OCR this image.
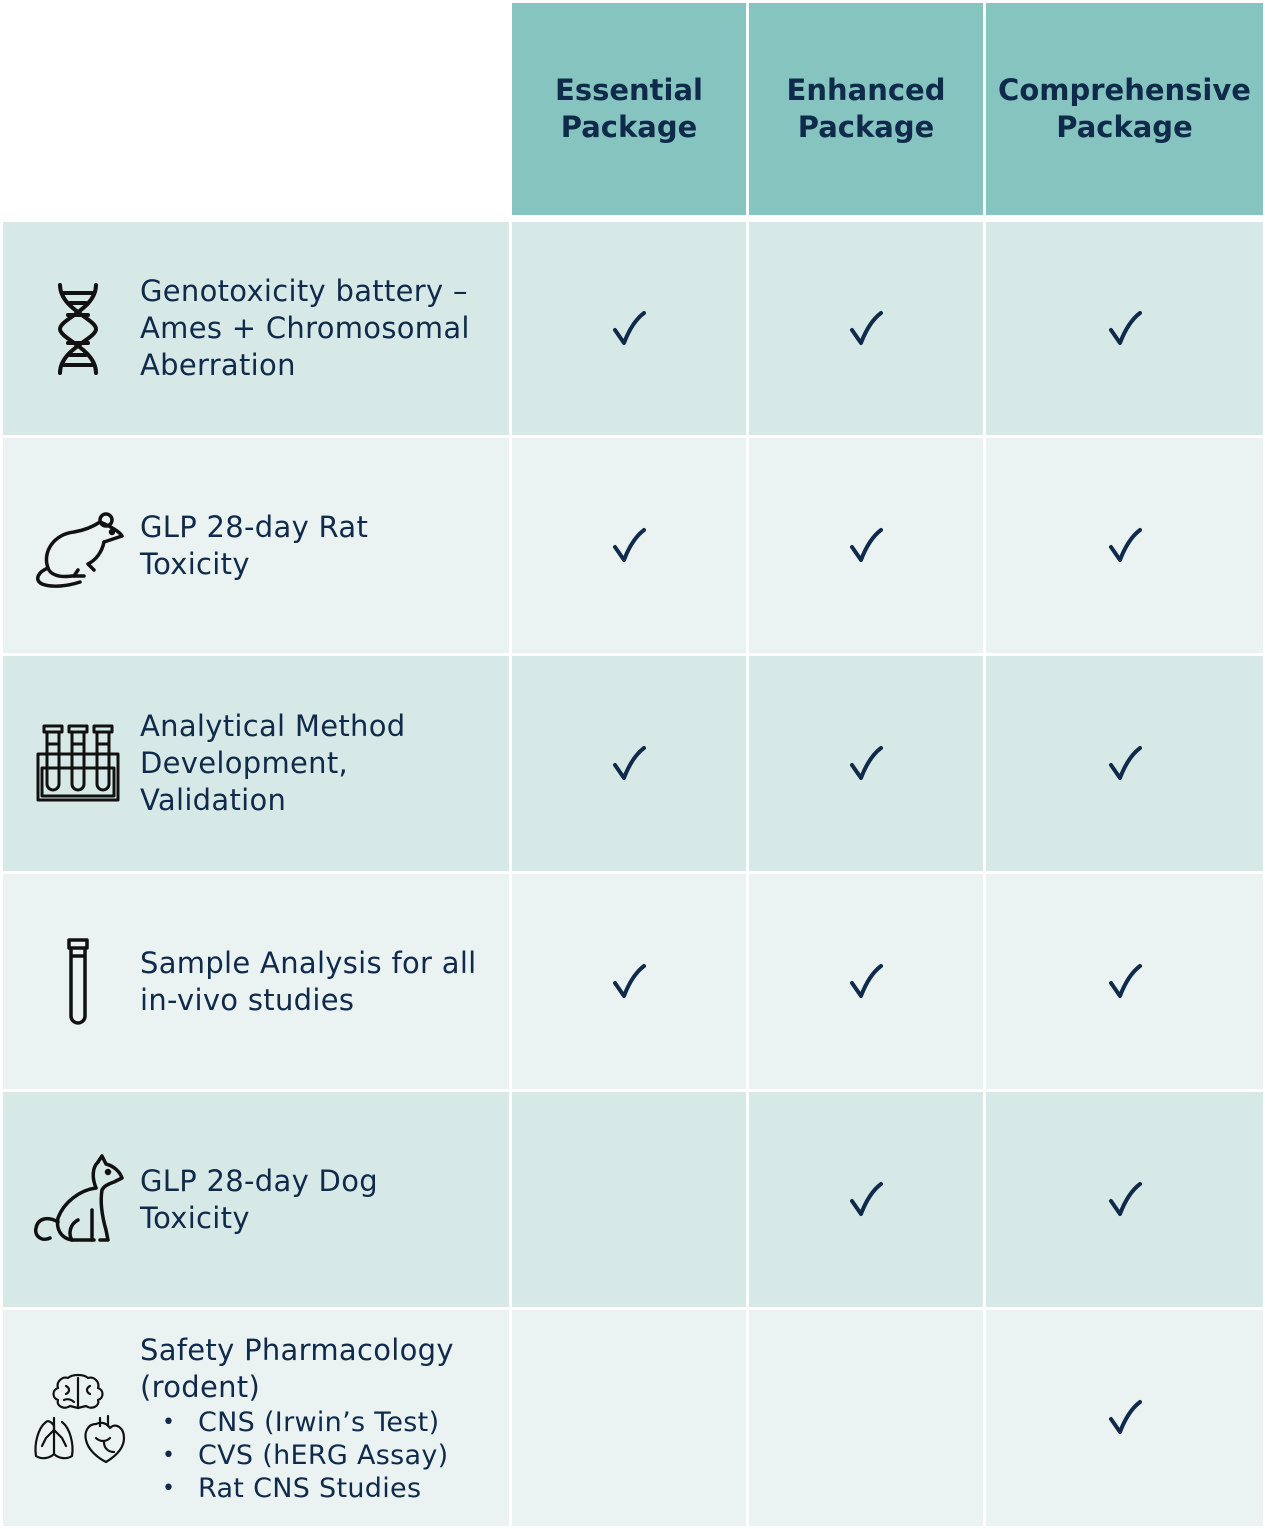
Essential
Package
Enhanced
Package
Comprehensive
Package
Genotoxicity battery –
Ames + Chromosomal
Aberration
GLP 28-day Rat
Toxicity
Analytical Method
Development,
Validation
Sample Analysis for all
in-vivo studies
GLP 28-day Dog
Toxicity
Safety Pharmacology
(rodent)
• CNS (Irwin’s Test)
• CVS (hERG Assay)
• Rat CNS Studies
